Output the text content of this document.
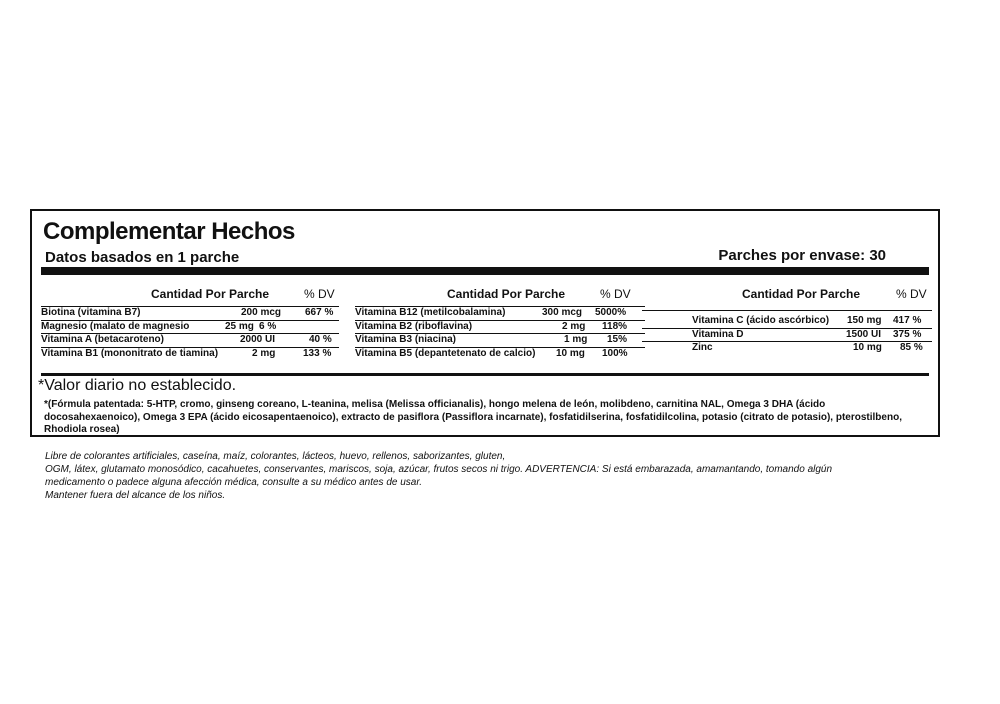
Complementar Hechos
Datos basados en 1 parche	Parches por envase: 30
Cantidad Por Parche	% DV
Biotina (vitamina B7)	200 mcg 667 %
Magnesio (malato de magnesio	25 mg 6 %
Vitamina A (betacaroteno)	2000 UI	40 %
Vitamina B1 (mononitrato de tiamina)	2 mg	133 %
Cantidad Por Parche	% DV
Vitamina B12 (metilcobalamina)	300 mcg 5000%
Vitamina B2 (riboflavina)	2 mg 118%
Vitamina B3 (niacina)	1 mg 15%
Vitamina B5 (depantetenato de calcio) 10 mg 100%
Cantidad Por Parche	% DV
Vitamina C (ácido ascórbico) 150 mg 417 %
Vitamina D	1500 UI 375 %
Zinc	10 mg 85 %
*Valor diario no establecido.
*(Fórmula patentada: 5-HTP, cromo, ginseng coreano, L-teanina, melisa (Melissa officianalis), hongo melena de león, molibdeno, carnitina NAL, Omega 3 DHA (ácido docosahexaenoico), Omega 3 EPA (ácido eicosapentaenoico), extracto de pasiflora (Passiflora incarnate), fosfatidilserina, fosfatidilcolina, potasio (citrato de potasio), pterostilbeno, Rhodiola rosea)

Libre de colorantes artificiales, caseína, maíz, colorantes, lácteos, huevo, rellenos, saborizantes, gluten,

OGM, látex, glutamato monosódico, cacahuetes, conservantes, mariscos, soja, azúcar, frutos secos ni trigo. ADVERTENCIA: Si está embarazada, amamantando, tomando algún

medicamento o padece alguna afección médica, consulte a su médico antes de usar.

Mantener fuera del alcance de los niños.
